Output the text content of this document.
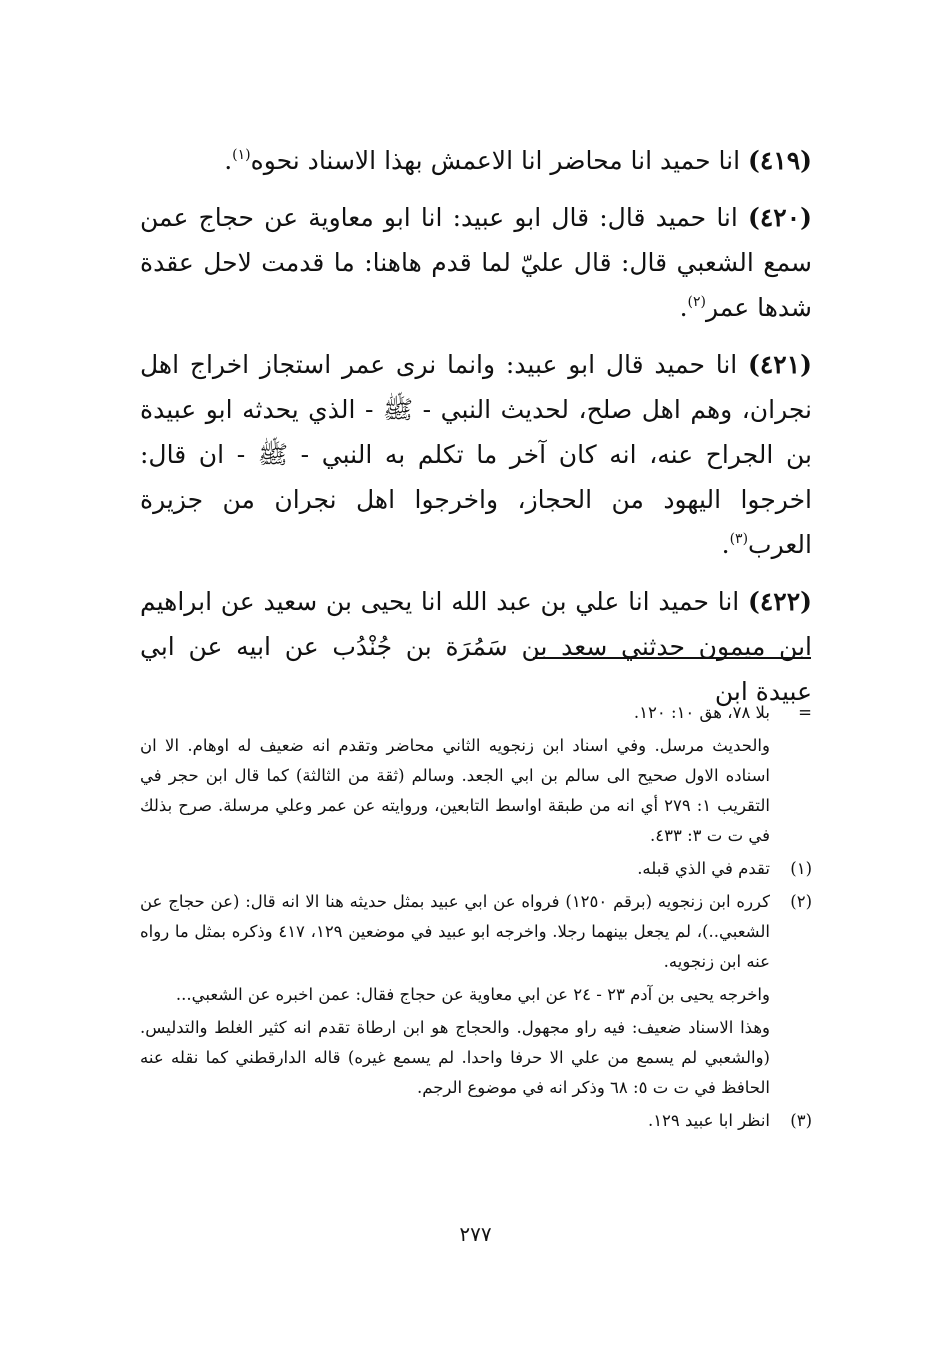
(٤١٩) انا حميد انا محاضر انا الاعمش بهذا الاسناد نحوه$^{(١)}$.

(٤٢٠) انا حميد قال: قال ابو عبيد: انا ابو معاوية عن حجاج عمن سمع الشعبي قال: قال عليّ لما قدم هاهنا: ما قدمت لاحل عقدة شدها عمر$^{(٢)}$.

(٤٢١) انا حميد قال ابو عبيد: وانما نرى عمر استجاز اخراج اهل نجران، وهم اهل صلح، لحديث النبي - ﷺ - الذي يحدثه ابو عبيدة بن الجراح عنه، انه كان آخر ما تكلم به النبي - ﷺ - ان قال: اخرجوا اليهود من الحجاز، واخرجوا اهل نجران من جزيرة العرب$^{(٣)}$.

(٤٢٢) انا حميد انا علي بن عبد الله انا يحيى بن سعيد عن ابراهيم ابن ميمون حدثني سعد بن سَمُرَة بن جُنْدُب عن ابيه عن ابي عبيدة ابن

=

بلا ٧٨، هق ١٠: ١٢٠.

والحديث مرسل. وفي اسناد ابن زنجويه الثاني محاضر وتقدم انه ضعيف له اوهام. الا ان اسناده الاول صحيح الى سالم بن ابي الجعد. وسالم (ثقة من الثالثة) كما قال ابن حجر في التقريب ١: ٢٧٩ أي انه من طبقة اواسط التابعين، وروايته عن عمر وعلي مرسلة. صرح بذلك في ت ت ٣: ٤٣٣.

(١)

تقدم في الذي قبله.

(٢)

كرره ابن زنجويه (برقم ١٢٥٠) فرواه عن ابي عبيد بمثل حديثه هنا الا انه قال: (عن حجاج عن الشعبي..)، لم يجعل بينهما رجلا. واخرجه ابو عبيد في موضعين ١٢٩، ٤١٧ وذكره بمثل ما رواه عنه ابن زنجويه.

واخرجه يحيى بن آدم ٢٣ - ٢٤ عن ابي معاوية عن حجاج فقال: عمن اخبره عن الشعبي...

وهذا الاسناد ضعيف: فيه راو مجهول. والحجاج هو ابن ارطاة تقدم انه كثير الغلط والتدليس. (والشعبي لم يسمع من علي الا حرفا واحدا. لم يسمع غيره) قاله الدارقطني كما نقله عنه الحافظ في ت ت ٥: ٦٨ وذكر انه في موضوع الرجم.

(٣)

انظر ابا عبيد ١٢٩.

٢٧٧
